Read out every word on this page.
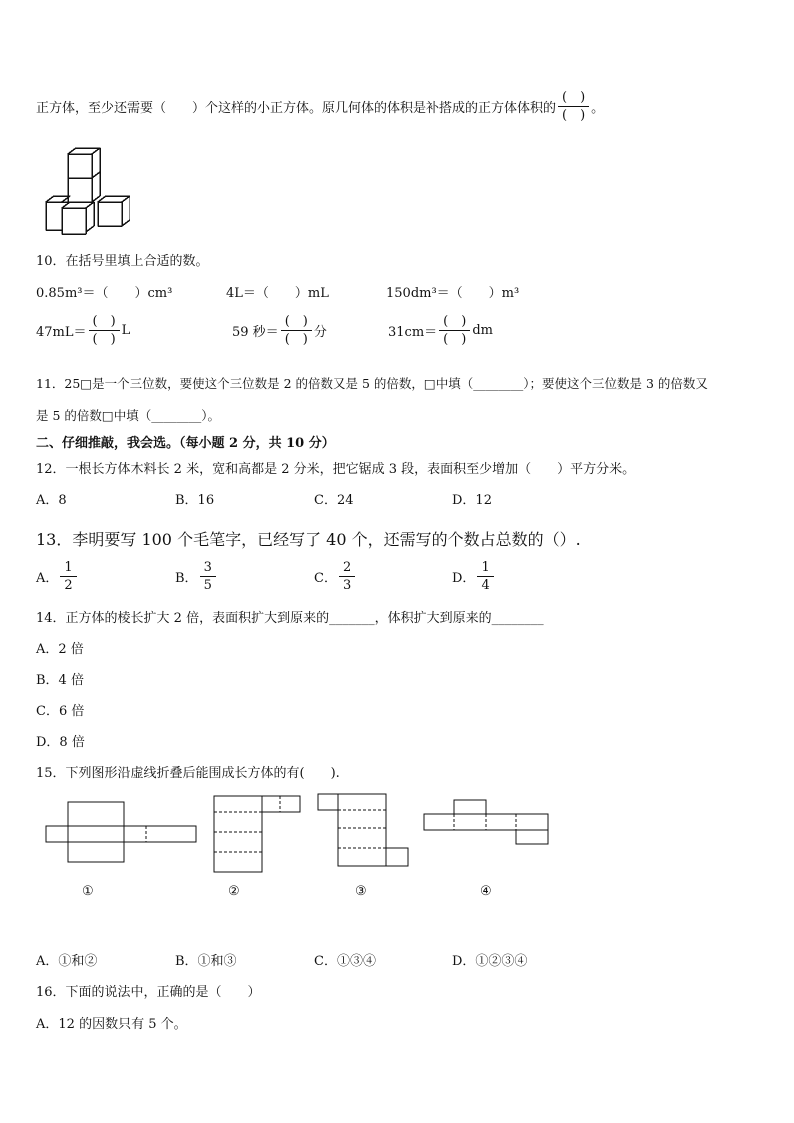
正方体，至少还需要（　　）个这样的小正方体。原几何体的体积是补搭成的正方体体积的 $\frac{( )}{( )}$ 。
10．在括号里填上合适的数。
0.85m³＝（　　）cm³	4L＝（　　）mL	150dm³＝（　　）m³
$47mL= \frac{( )}{( )}$ L	59 秒＝ $\frac{( )}{( )}$ 分	$31cm= \frac{( )}{( )}$ dm
11．25□是一个三位数，要使这个三位数是 2 的倍数又是 5 的倍数，□中填（________）；要使这个三位数是 3 的倍数又
是 5 的倍数□中填（________）。
二、仔细推敲，我会选。（每小题 2 分，共 10 分）
12．一根长方体木料长 2 米，宽和高都是 2 分米，把它锯成 3 段，表面积至少增加（　　）平方分米。
A．8	B．16	C．24	D．12
13．李明要写 100 个毛笔字，已经写了 40 个，还需写的个数占总数的（）.
A． $\frac{1}{2}$	B． $\frac{3}{5}$	C． $\frac{2}{3}$	D． $\frac{1}{4}$
14．正方体的棱长扩大 2 倍，表面积扩大到原来的_______，体积扩大到原来的________
A．2 倍
B．4 倍
C．6 倍
D．8 倍
15．下列图形沿虚线折叠后能围成长方体的有(　　).
①	②	③	④
A．①和②	B．①和③	C．①③④	D．①②③④
16．下面的说法中，正确的是（　　）
A．12 的因数只有 5 个。
